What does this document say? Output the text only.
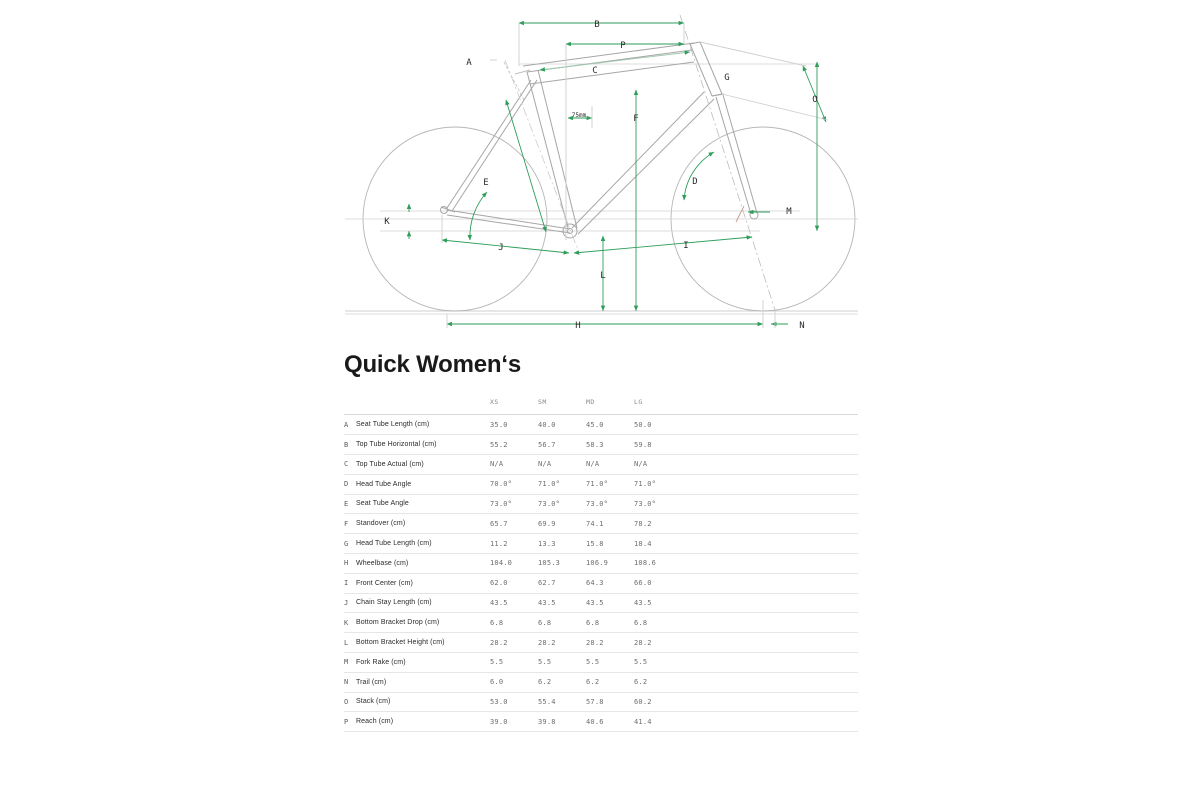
B
P
A
C
G
O
F
E	D
K
M
J	I
L
H	N
75mm
Quick Women‘s
		XS	SM	MD	LG	
A	Seat Tube Length (cm)	35.0	40.0	45.0	50.0	
B	Top Tube Horizontal (cm)	55.2	56.7	58.3	59.8	
C	Top Tube Actual (cm)	N/A	N/A	N/A	N/A	
D	Head Tube Angle	70.0°	71.0°	71.0°	71.0°	
E	Seat Tube Angle	73.0°	73.0°	73.0°	73.0°	
F	Standover (cm)	65.7	69.9	74.1	78.2	
G	Head Tube Length (cm)	11.2	13.3	15.8	18.4	
H	Wheelbase (cm)	104.0	105.3	106.9	108.6	
I	Front Center (cm)	62.0	62.7	64.3	66.0	
J	Chain Stay Length (cm)	43.5	43.5	43.5	43.5	
K	Bottom Bracket Drop (cm)	6.8	6.8	6.8	6.8	
L	Bottom Bracket Height (cm)	28.2	28.2	28.2	28.2	
M	Fork Rake (cm)	5.5	5.5	5.5	5.5	
N	Trail (cm)	6.0	6.2	6.2	6.2	
O	Stack (cm)	53.0	55.4	57.8	60.2	
P	Reach (cm)	39.0	39.8	40.6	41.4	
